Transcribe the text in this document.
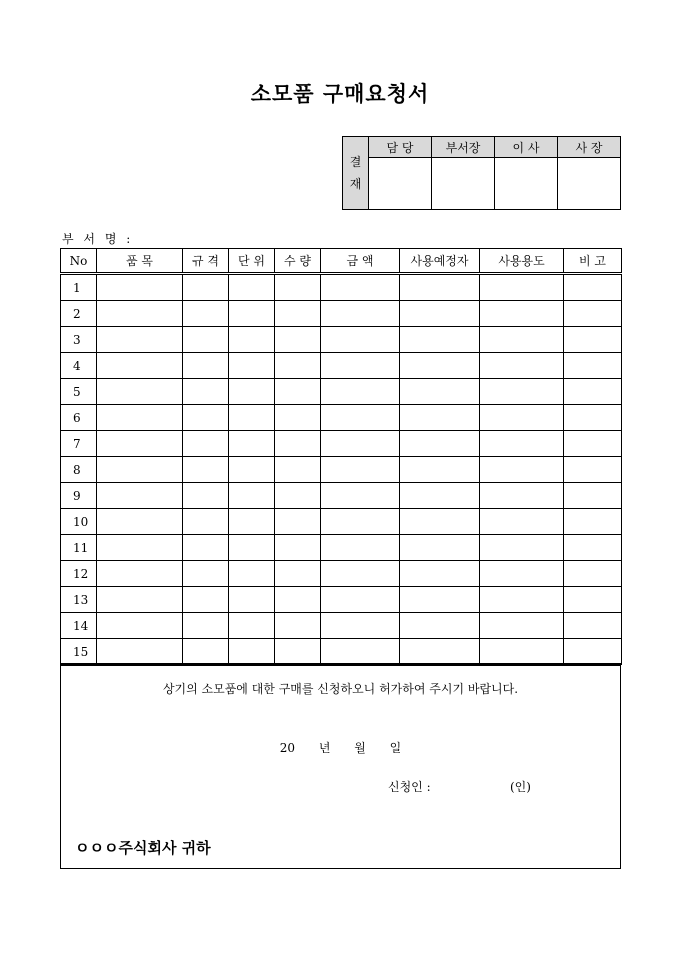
소모품 구매요청서
결
재	담 당	부서장	이 사	사 장

부 서 명 :
No	품 목	규 격	단 위	수 량	금 액	사용예정자	사용용도	비 고
1								
2								
3								
4								
5								
6								
7								
8								
9								
10								
11								
12								
13								
14								
15								
상기의 소모품에 대한 구매를 신청하오니 허가하여 주시기 바랍니다.
20 년 월 일
신청인 :	(인)
ㅇㅇㅇ주식회사 귀하
